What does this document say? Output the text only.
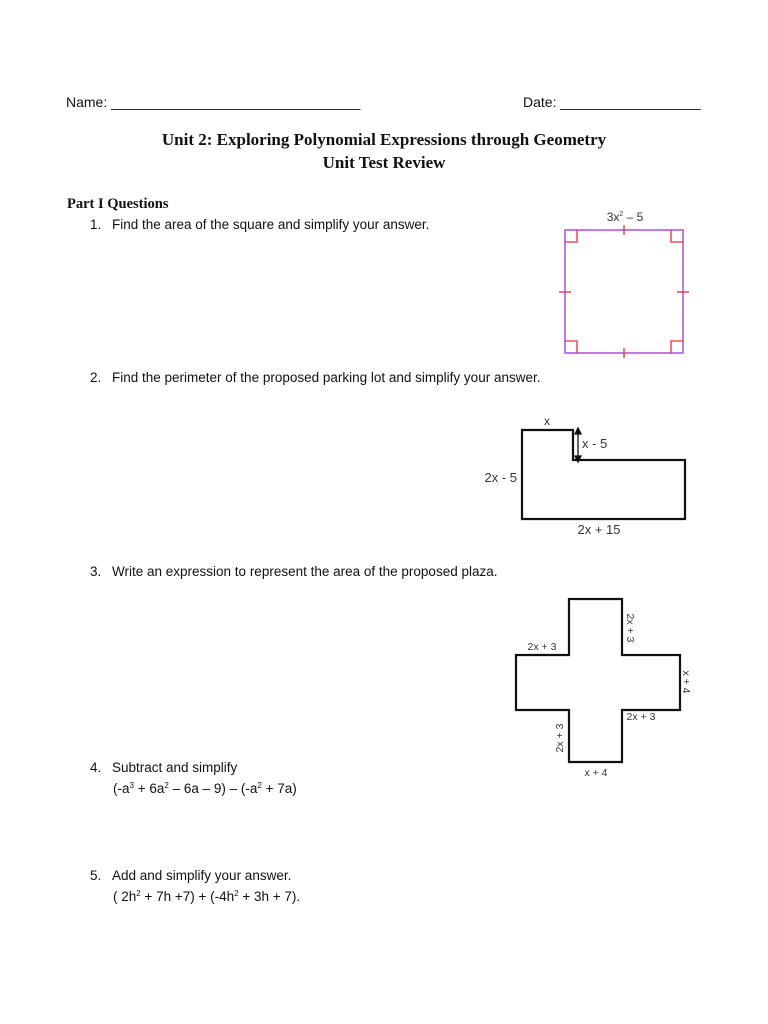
Name: ________________________________	Date: __________________
Unit 2: Exploring Polynomial Expressions through Geometry
Unit Test Review
Part I Questions
1. Find the area of the square and simplify your answer.
2. Find the perimeter of the proposed parking lot and simplify your answer.
3. Write an expression to represent the area of the proposed plaza.
4. Subtract and simplify
$(-a^3 + 6a^2 - 6a - 9) - (-a^2 + 7a)$
5. Add and simplify your answer.
( $2h^2 + 7h +7) + (-4h^2 + 3h + 7)$.
$3x^2 - 5$
x
x - 5
2x - 5
2x + 15
2x + 3
2x + 3
x + 4
2x + 3
2x + 3
x + 4
